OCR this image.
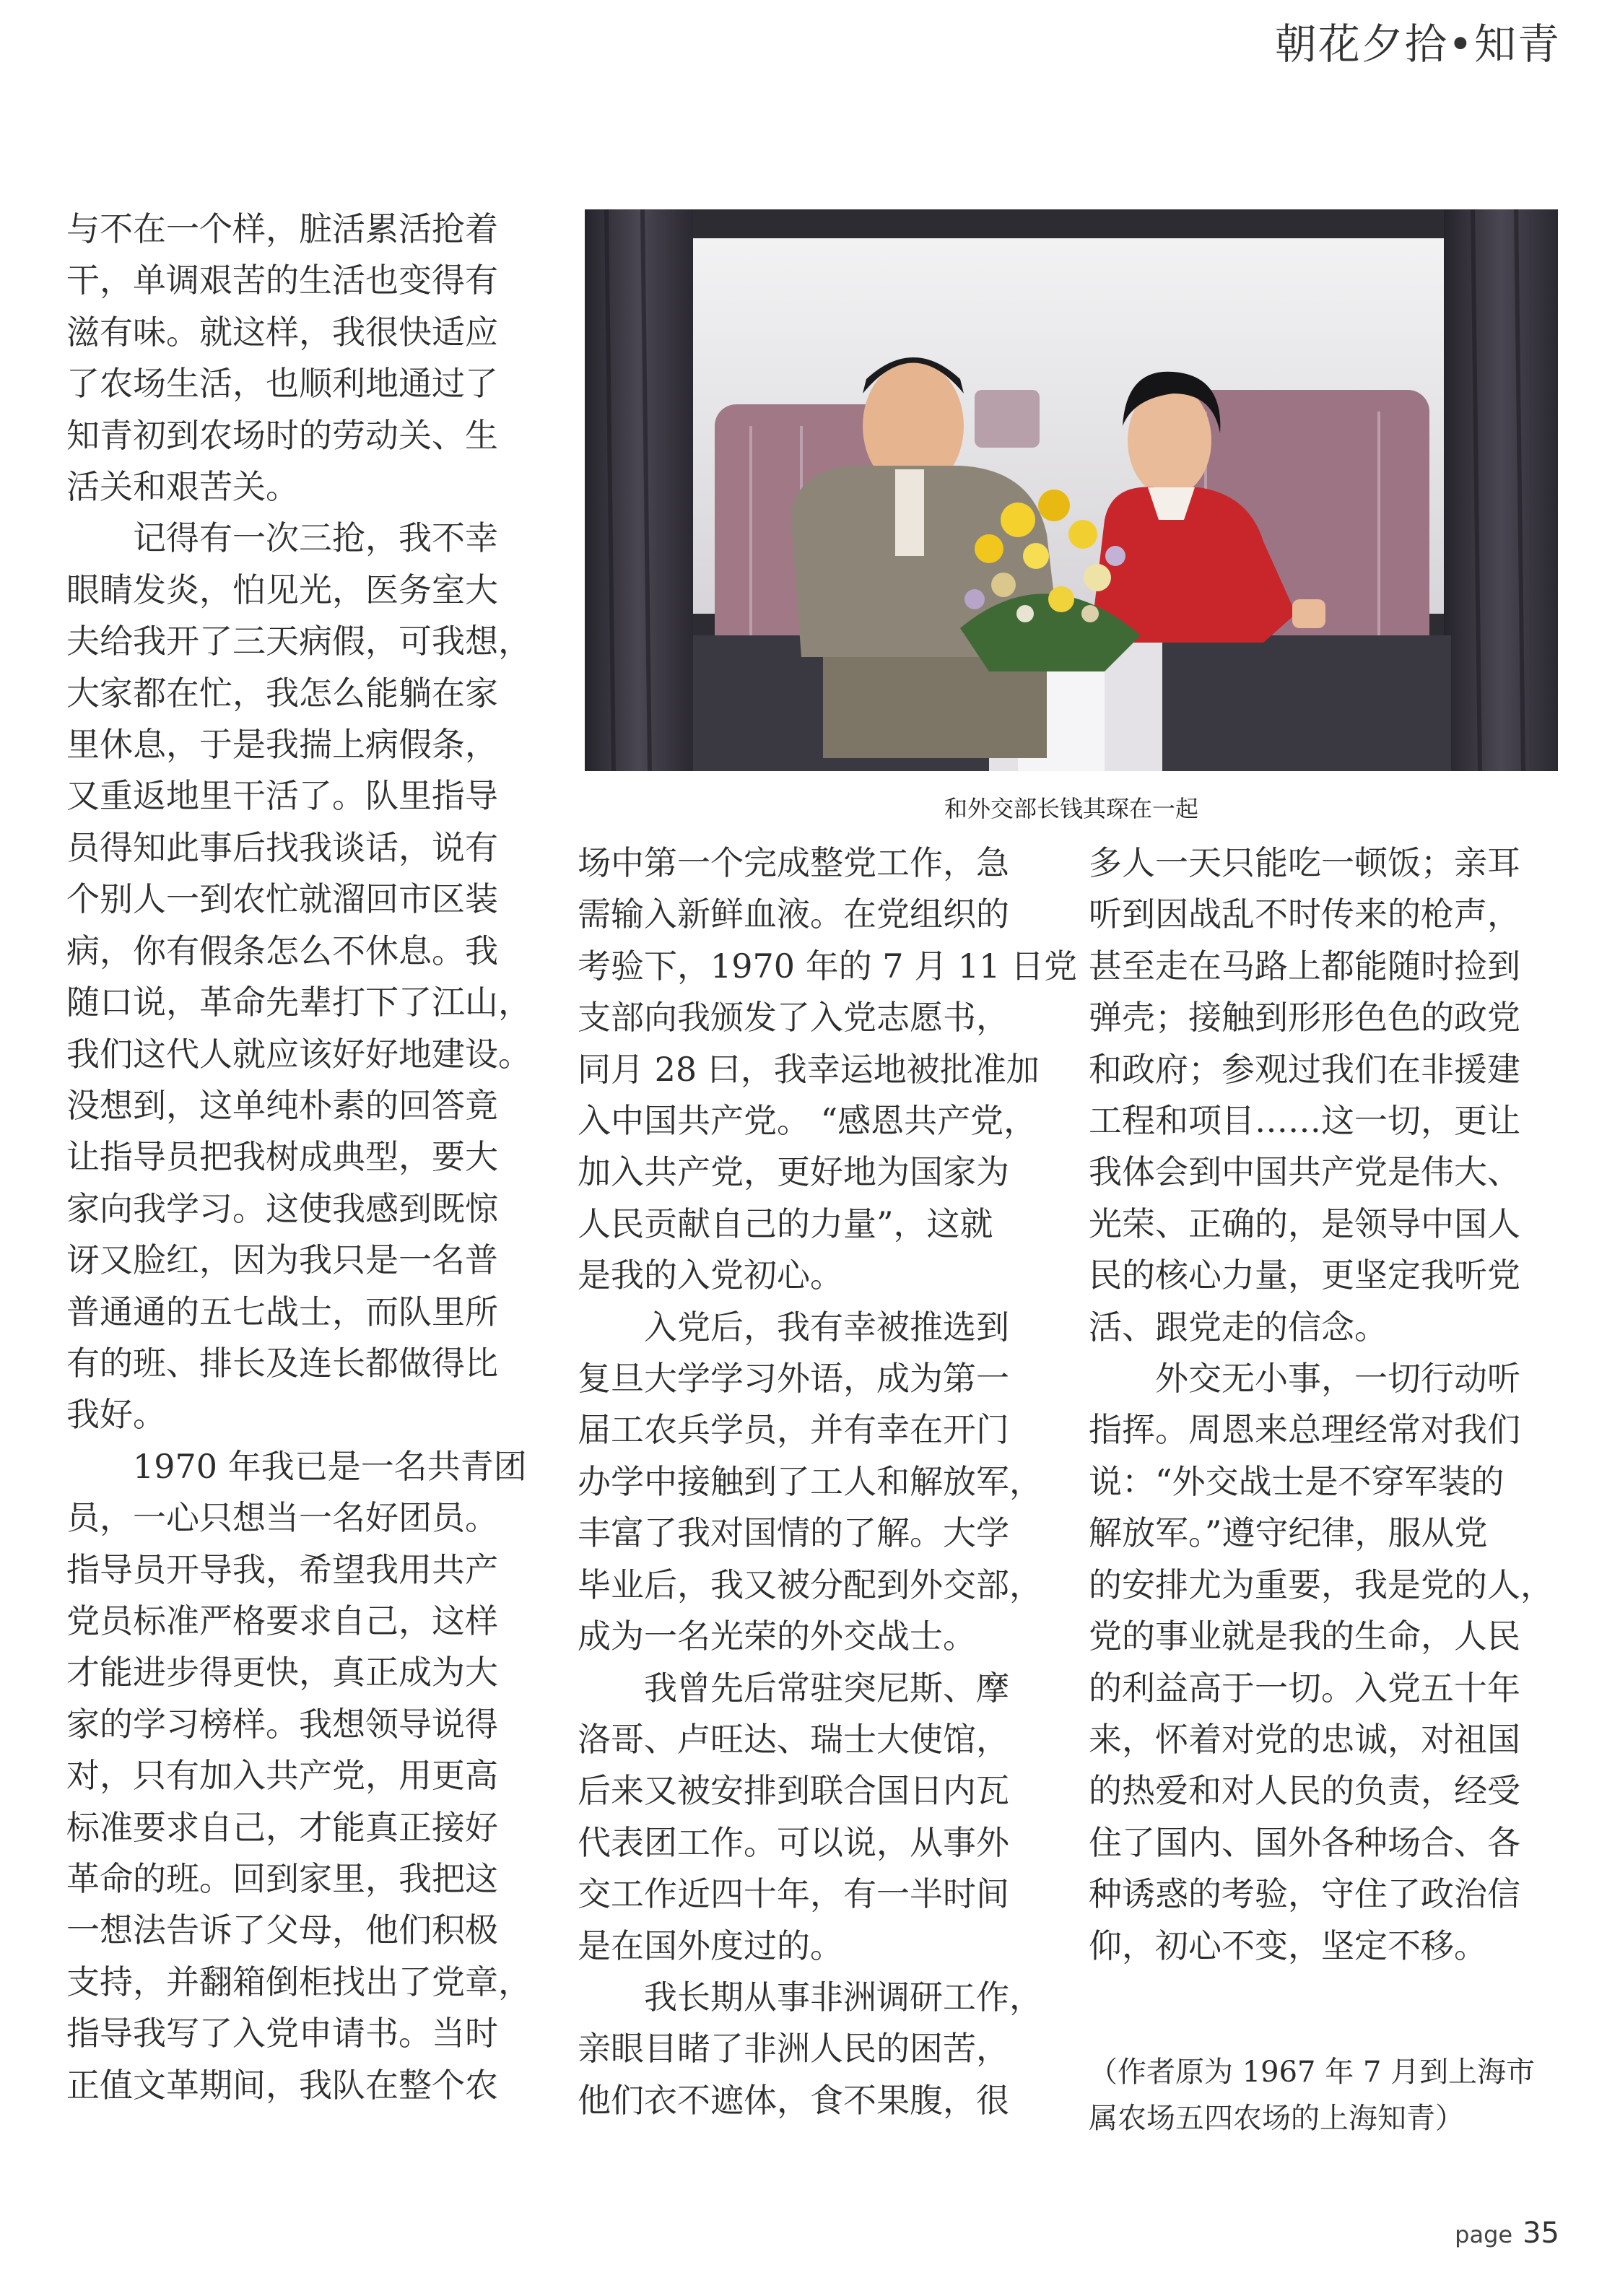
朝花夕拾•知青

与不在一个样，脏活累活抢着

干，单调艰苦的生活也变得有

滋有味。就这样，我很快适应

了农场生活，也顺利地通过了

知青初到农场时的劳动关、生

活关和艰苦关。

　　记得有一次三抢，我不幸

眼睛发炎，怕见光，医务室大

夫给我开了三天病假，可我想，

大家都在忙，我怎么能躺在家

里休息，于是我揣上病假条，

又重返地里干活了。队里指导

员得知此事后找我谈话，说有

个别人一到农忙就溜回市区装

病，你有假条怎么不休息。我

随口说，革命先辈打下了江山，

我们这代人就应该好好地建设。

没想到，这单纯朴素的回答竟

让指导员把我树成典型，要大

家向我学习。这使我感到既惊

讶又脸红，因为我只是一名普

普通通的五七战士，而队里所

有的班、排长及连长都做得比

我好。

　　1970 年我已是一名共青团

员，一心只想当一名好团员。

指导员开导我，希望我用共产

党员标准严格要求自己，这样

才能进步得更快，真正成为大

家的学习榜样。我想领导说得

对，只有加入共产党，用更高

标准要求自己，才能真正接好

革命的班。回到家里，我把这

一想法告诉了父母，他们积极

支持，并翻箱倒柜找出了党章，

指导我写了入党申请书。当时

正值文革期间，我队在整个农

和外交部长钱其琛在一起

场中第一个完成整党工作，急

需输入新鲜血液。在党组织的

考验下，1970 年的 7 月 11 日党

支部向我颁发了入党志愿书，

同月 28 曰，我幸运地被批准加

入中国共产党。 “感恩共产党，

加入共产党，更好地为国家为

人民贡献自己的力量”，这就

是我的入党初心。

　　入党后，我有幸被推选到

复旦大学学习外语，成为第一

届工农兵学员，并有幸在开门

办学中接触到了工人和解放军，

丰富了我对国情的了解。大学

毕业后，我又被分配到外交部，

成为一名光荣的外交战士。

　　我曾先后常驻突尼斯、摩

洛哥、卢旺达、瑞士大使馆，

后来又被安排到联合国日内瓦

代表团工作。可以说，从事外

交工作近四十年，有一半时间

是在国外度过的。

　　我长期从事非洲调研工作，

亲眼目睹了非洲人民的困苦，

他们衣不遮体，食不果腹，很

多人一天只能吃一顿饭；亲耳

听到因战乱不时传来的枪声，

甚至走在马路上都能随时捡到

弹壳；接触到形形色色的政党

和政府；参观过我们在非援建

工程和项目……这一切，更让

我体会到中国共产党是伟大、

光荣、正确的，是领导中国人

民的核心力量，更坚定我听党

活、跟党走的信念。

　　外交无小事，一切行动听

指挥。周恩来总理经常对我们

说：“外交战士是不穿军装的

解放军。”遵守纪律，服从党

的安排尤为重要，我是党的人，

党的事业就是我的生命，人民

的利益高于一切。入党五十年

来，怀着对党的忠诚，对祖国

的热爱和对人民的负责，经受

住了国内、国外各种场合、各

种诱惑的考验，守住了政治信

仰，初心不变，坚定不移。

（作者原为 1967 年 7 月到上海市

属农场五四农场的上海知青）

page 35
